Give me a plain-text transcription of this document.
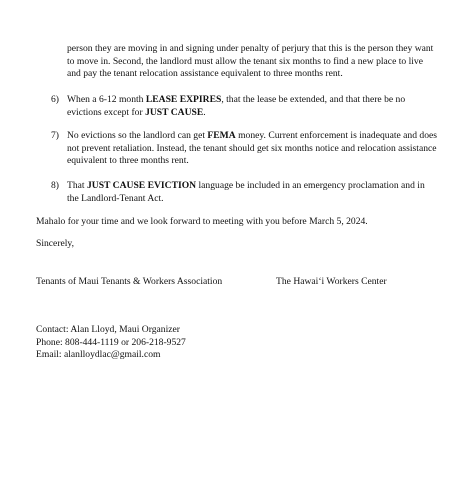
person they are moving in and signing under penalty of perjury that this is the person they want to move in. Second, the landlord must allow the tenant six months to find a new place to live and pay the tenant relocation assistance equivalent to three months rent.

6) When a 6-12 month LEASE EXPIRES, that the lease be extended, and that there be no evictions except for JUST CAUSE.
7) No evictions so the landlord can get FEMA money. Current enforcement is inadequate and does not prevent retaliation. Instead, the tenant should get six months notice and relocation assistance equivalent to three months rent.
8) That JUST CAUSE EVICTION language be included in an emergency proclamation and in the Landlord-Tenant Act.
Mahalo for your time and we look forward to meeting with you before March 5, 2024.
Sincerely,
Tenants of Maui Tenants & Workers Association	The Hawaiʻi Workers Center
Contact: Alan Lloyd, Maui Organizer
Phone: 808-444-1119 or 206-218-9527
Email: alanlloydlac@gmail.com
